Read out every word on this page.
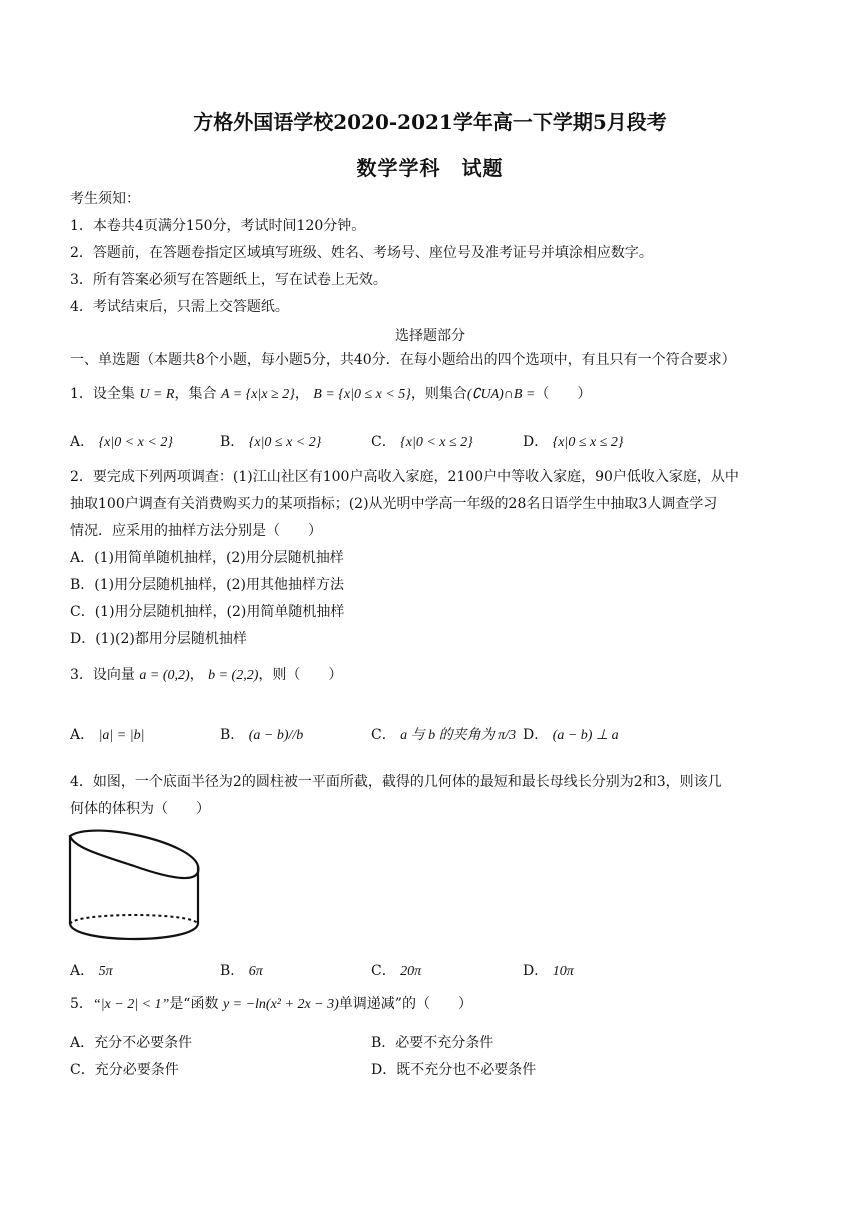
方格外国语学校2020-2021学年高一下学期5月段考
数学学科　试题
考生须知：
1．本卷共4页满分150分，考试时间120分钟。
2．答题前，在答题卷指定区域填写班级、姓名、考场号、座位号及准考证号并填涂相应数字。
3．所有答案必须写在答题纸上，写在试卷上无效。
4．考试结束后，只需上交答题纸。
选择题部分
一、单选题（本题共8个小题，每小题5分，共40分．在每小题给出的四个选项中，有且只有一个符合要求）
1．设全集 U = R，集合 A = {x|x ≥ 2}， B = {x|0 ≤ x < 5}，则集合(∁UA)∩B =（　　）
A． {x|0 < x < 2}	B． {x|0 ≤ x < 2}	C． {x|0 < x ≤ 2}	D． {x|0 ≤ x ≤ 2}
2．要完成下列两项调查：(1)江山社区有100户高收入家庭，2100户中等收入家庭，90户低收入家庭，从中
抽取100户调查有关消费购买力的某项指标；(2)从光明中学高一年级的28名日语学生中抽取3人调查学习
情况．应采用的抽样方法分别是（　　）
A．(1)用简单随机抽样，(2)用分层随机抽样
B．(1)用分层随机抽样，(2)用其他抽样方法
C．(1)用分层随机抽样，(2)用简单随机抽样
D．(1)(2)都用分层随机抽样
3．设向量 a = (0,2)， b = (2,2)，则（　　）
A． |a| = |b|	B． (a − b)//b	C． a 与 b 的夹角为 π/3 D． (a − b) ⊥ a
4．如图，一个底面半径为2的圆柱被一平面所截，截得的几何体的最短和最长母线长分别为2和3，则该几
何体的体积为（　　）
A． 5π	B． 6π	C． 20π	D． 10π
5．“|x − 2| < 1”是“函数 y = −ln(x² + 2x − 3)单调递减”的（　　）
A．充分不必要条件	B．必要不充分条件
C．充分必要条件	D．既不充分也不必要条件
